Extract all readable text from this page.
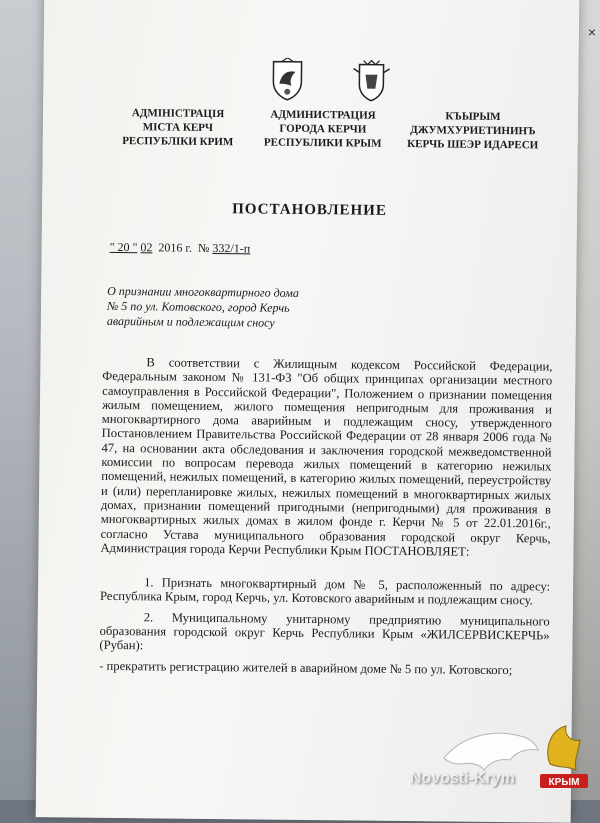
×
АДМІНІСТРАЦІЯ
МІСТА КЕРЧ
РЕСПУБЛІКИ КРИМ
АДМИНИСТРАЦИЯ
ГОРОДА КЕРЧИ
РЕСПУБЛИКИ КРЫМ
КЪЫРЫМ
ДЖУМХУРИЕТИНИНЪ
КЕРЧЬ ШЕЭР ИДАРЕСИ
ПОСТАНОВЛЕНИЕ
" 20 " 02 2016 г. № 332/1-п
О признании многоквартирного дома
№ 5 по ул. Котовского, город Керчь
аварийным и подлежащим сносу

В соответствии с Жилищным кодексом Российской Федерации, Федеральным законом № 131-ФЗ "Об общих принципах организации местного самоуправления в Российской Федерации", Положением о признании помещения жилым помещением, жилого помещения непригодным для проживания и многоквартирного дома аварийным и подлежащим сносу, утвержденного Постановлением Правительства Российской Федерации от 28 января 2006 года № 47, на основании акта обследования и заключения городской межведомственной комиссии по вопросам перевода жилых помещений в категорию нежилых помещений, нежилых помещений, в категорию жилых помещений, переустройству и (или) перепланировке жилых, нежилых помещений в многоквартирных жилых домах, признании помещений пригодными (непригодными) для проживания в многоквартирных жилых домах в жилом фонде г. Керчи № 5 от 22.01.2016г., согласно Устава муниципального образования городской округ Керчь, Администрация города Керчи Республики Крым ПОСТАНОВЛЯЕТ:

1. Признать многоквартирный дом № 5, расположенный по адресу: Республика Крым, город Керчь, ул. Котовского аварийным и подлежащим сносу.

2. Муниципальному унитарному предприятию муниципального образования городской округ Керчь Республики Крым «ЖИЛСЕРВИСКЕРЧЬ» (Рубан):

- прекратить регистрацию жителей в аварийном доме № 5 по ул. Котовского;

Novosti-Krym	КРЫМ
